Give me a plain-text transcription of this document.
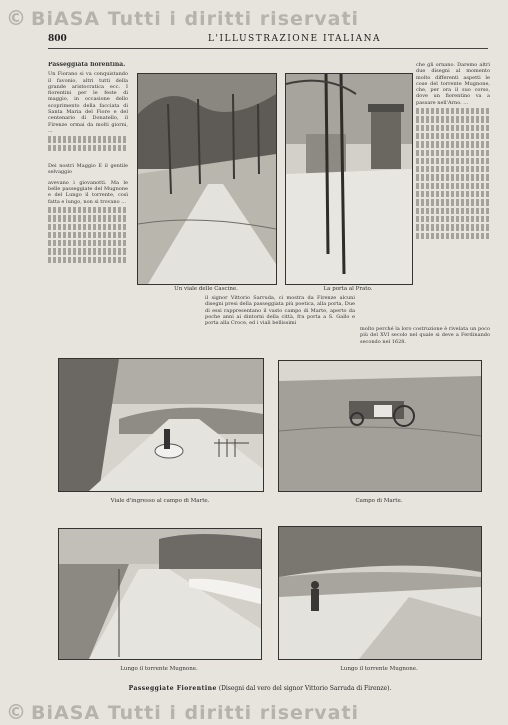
© BiASA Tutti i diritti riservati
800	L'ILLUSTRAZIONE ITALIANA
Passeggiata fiorentina.
Un Fiorano si va conquistando il favonio, altri tutti della grande aristocratica ecc. I fiorentini per le feste di maggio, in occasione dello scoprimento della facciata di Santa Maria del Fiore e del centenario di Donatello, il Firenze ormai da molti giorni, ...

Dei nostri Maggio E il gentile selvaggio
avevano i giovanotti. Ma le belle passeggiate del Mugnone e del Lungo il torrente, così fatta e lungo, non si trovano ...
Un viale delle Cascine.	La porta al Prato.
che gli ornano. Daremo altri due disegni al momento molto differenti aspetti le cose del torrente Mugnone, che, per ora il suo corso, dove un fiorentino va a passare nell'Arno. ...
il signor Vittorio Sarruda, ci mostra da Firenze alcuni disegni presi della passeggiata più poetica, alla porta, Due di essi rappresentano il vasto campo di Marte, aperto da poche anni ai dintorni della città, fra porta a S. Gallo e porta alla Croce, ed i viali bellissimi
molto perché la loro costruzione è rivelata un poco più del XVI secolo nel quale si deve a Ferdinando secondo nel 1628.
Viale d'ingresso al campo di Marte.	Campo di Marte.
Lungo il torrente Mugnone.	Lungo il torrente Mugnone.
Passeggiate Fiorentine (Disegni dal vero del signor Vittorio Sarruda di Firenze).
© BiASA Tutti i diritti riservati
